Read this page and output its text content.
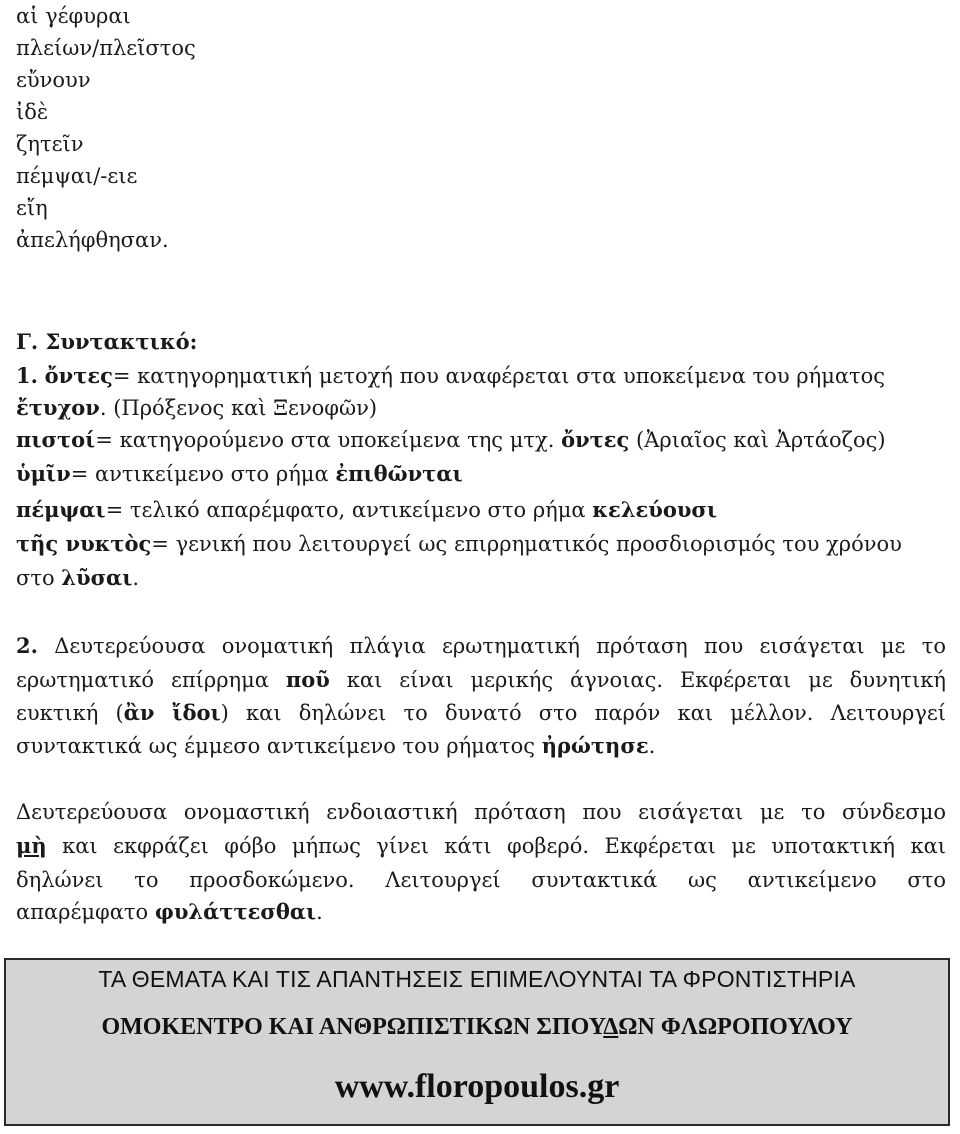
αἱ γέφυραι

πλείων/πλεῖστος

εὔνουν

ἰδὲ

ζητεῖν

πέμψαι/-ειε

εἴη

ἀπελήφθησαν.

Γ. Συντακτικό:

1. ὄντες= κατηγορηματική μετοχή που αναφέρεται στα υποκείμενα του ρήματος

ἔτυχον. (Πρόξενος καὶ Ξενοφῶν)

πιστοί= κατηγορούμενο στα υποκείμενα της μτχ. ὄντες (Ἀριαῖος καὶ Ἀρτάοζος)

ὑμῖν= αντικείμενο στο ρήμα ἐπιθῶνται

πέμψαι= τελικό απαρέμφατο, αντικείμενο στο ρήμα κελεύουσι

τῆς νυκτὸς= γενική που λειτουργεί ως επιρρηματικός προσδιορισμός του χρόνου

στο λῦσαι.

2. Δευτερεύουσα ονοματική πλάγια ερωτηματική πρόταση που εισάγεται με το

ερωτηματικό επίρρημα ποῦ και είναι μερικής άγνοιας. Εκφέρεται με δυνητική

ευκτική (ἂν ἴδοι) και δηλώνει το δυνατό στο παρόν και μέλλον. Λειτουργεί

συντακτικά ως έμμεσο αντικείμενο του ρήματος ἠρώτησε.

Δευτερεύουσα ονομαστική ενδοιαστική πρόταση που εισάγεται με το σύνδεσμο

μὴ και εκφράζει φόβο μήπως γίνει κάτι φοβερό. Εκφέρεται με υποτακτική και

δηλώνει το προσδοκώμενο. Λειτουργεί συντακτικά ως αντικείμενο στο

απαρέμφατο φυλάττεσθαι.

ΤΑ ΘΕΜΑΤΑ ΚΑΙ ΤΙΣ ΑΠΑΝΤΗΣΕΙΣ ΕΠΙΜΕΛΟΥΝΤΑΙ ΤΑ ΦΡΟΝΤΙΣΤΗΡΙΑ

ΟΜΟΚΕΝΤΡΟ ΚΑΙ ΑΝΘΡΩΠΙΣΤΙΚΩΝ ΣΠΟΥΔΩΝ ΦΛΩΡΟΠΟΥΛΟΥ

www.floropoulos.gr
